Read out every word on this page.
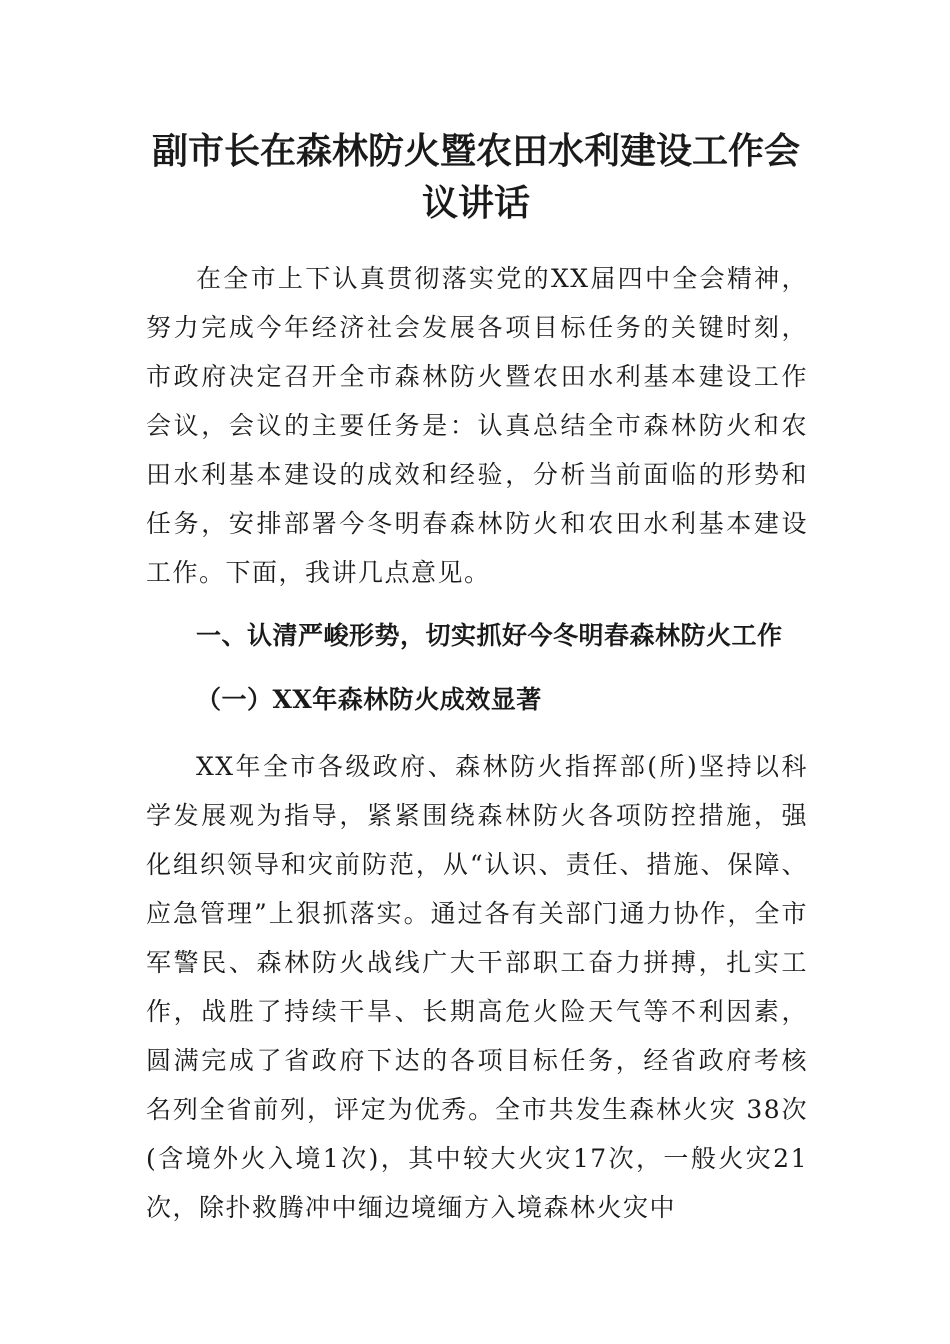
副市长在森林防火暨农田水利建设工作会
议讲话

在全市上下认真贯彻落实党的XX届四中全会精神，努力完成今年经济社会发展各项目标任务的关键时刻，市政府决定召开全市森林防火暨农田水利基本建设工作会议，会议的主要任务是：认真总结全市森林防火和农田水利基本建设的成效和经验，分析当前面临的形势和任务，安排部署今冬明春森林防火和农田水利基本建设工作。下面，我讲几点意见。

一、认清严峻形势，切实抓好今冬明春森林防火工作
（一）XX年森林防火成效显著

XX年全市各级政府、森林防火指挥部(所)坚持以科学发展观为指导，紧紧围绕森林防火各项防控措施，强化组织领导和灾前防范，从“认识、责任、措施、保障、应急管理”上狠抓落实。通过各有关部门通力协作，全市军警民、森林防火战线广大干部职工奋力拼搏，扎实工作，战胜了持续干旱、长期高危火险天气等不利因素，圆满完成了省政府下达的各项目标任务，经省政府考核名列全省前列，评定为优秀。全市共发生森林火灾 38次(含境外火入境1次)，其中较大火灾17次，一般火灾21次，除扑救腾冲中缅边境缅方入境森林火灾中
